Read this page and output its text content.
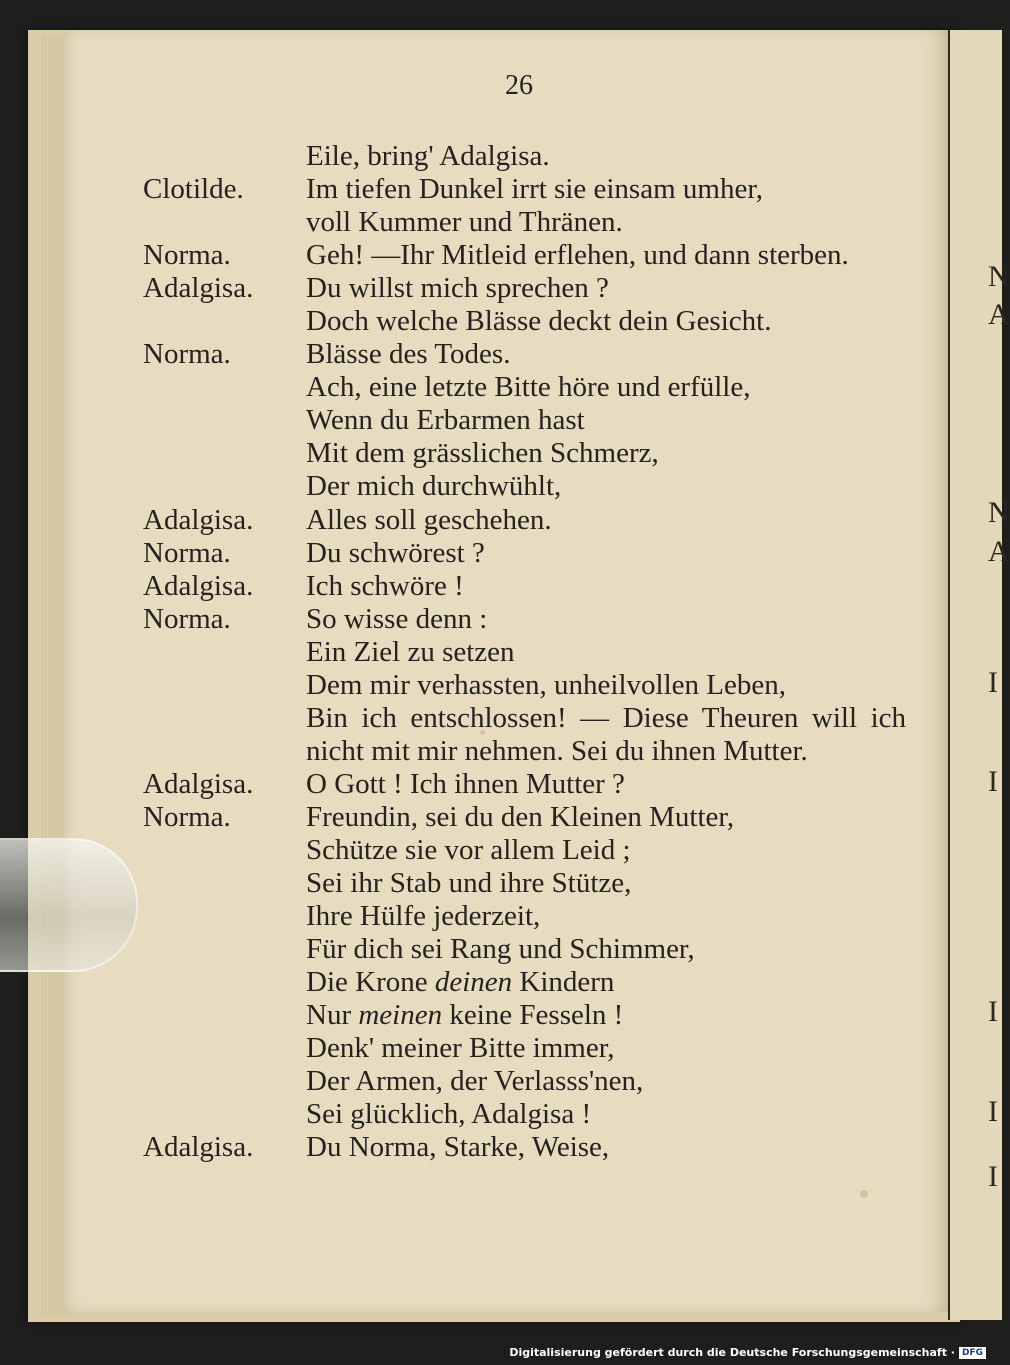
N
A
N
A
I
I
I
I
I
26
Eile, bring' Adalgisa.
Clotilde. Im tiefen Dunkel irrt sie einsam umher,
voll Kummer und Thränen.
Norma.	Geh! —Ihr Mitleid erflehen, und dann sterben.
Adalgisa. Du willst mich sprechen ?
Doch welche Blässe deckt dein Gesicht.
Norma.	Blässe des Todes.
Ach, eine letzte Bitte höre und erfülle,
Wenn du Erbarmen hast
Mit dem grässlichen Schmerz,
Der mich durchwühlt,
Adalgisa. Alles soll geschehen.
Norma.	Du schwörest ?
Adalgisa. Ich schwöre !
Norma.	So wisse denn :
Ein Ziel zu setzen
Dem mir verhassten, unheilvollen Leben,
Bin ich entschlossen! — Diese Theuren will ich
nicht mit mir nehmen. Sei du ihnen Mutter.
Adalgisa. O Gott ! Ich ihnen Mutter ?
Norma.	Freundin, sei du den Kleinen Mutter,
Schütze sie vor allem Leid ;
Sei ihr Stab und ihre Stütze,
Ihre Hülfe jederzeit,
Für dich sei Rang und Schimmer,
Die Krone deinen Kindern
Nur meinen keine Fesseln !
Denk' meiner Bitte immer,
Der Armen, der Verlasss'nen,
Sei glücklich, Adalgisa !
Adalgisa. Du Norma, Starke, Weise,
Digitalisierung gefördert durch die Deutsche Forschungsgemeinschaft · DFG
